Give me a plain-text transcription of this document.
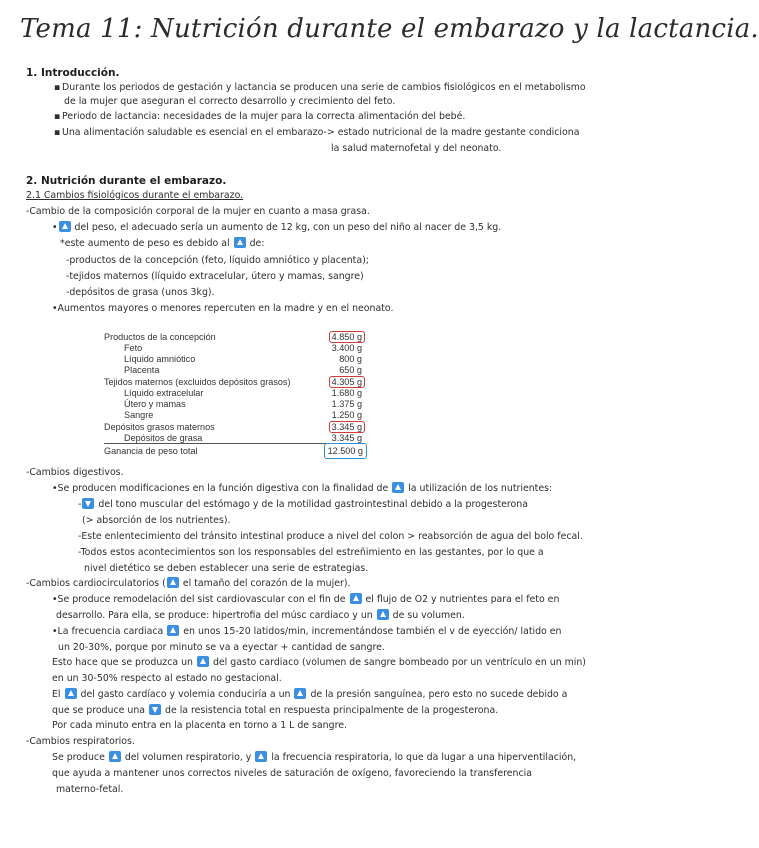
Tema 11: Nutrición durante el embarazo y la lactancia.
1. Introducción.
▪ Durante los periodos de gestación y lactancia se producen una serie de cambios fisiológicos en el metabolismo
de la mujer que aseguran el correcto desarrollo y crecimiento del feto.
▪ Periodo de lactancia: necesidades de la mujer para la correcta alimentación del bebé.
▪ Una alimentación saludable es esencial en el embarazo-> estado nutricional de la madre gestante condiciona
la salud maternofetal y del neonato.
2. Nutrición durante el embarazo.
2.1 Cambios fisiológicos durante el embarazo.
-Cambio de la composición corporal de la mujer en cuanto a masa grasa.
• del peso, el adecuado sería un aumento de 12 kg, con un peso del niño al nacer de 3,5 kg.
*este aumento de peso es debido al de:
-productos de la concepción (feto, líquido amniótico y placenta);
-tejidos maternos (líquido extracelular, útero y mamas, sangre)
-depósitos de grasa (unos 3kg).
•Aumentos mayores o menores repercuten en la madre y en el neonato.
Productos de la concepción	4.850 g
Feto	3.400 g
Líquido amniótico	800 g
Placenta	650 g
Tejidos maternos (excluidos depósitos grasos)	4.305 g
Líquido extracelular	1.680 g
Útero y mamas	1.375 g
Sangre	1.250 g
Depósitos grasos maternos	3.345 g
Depósitos de grasa	3.345 g
Ganancia de peso total	12.500 g
-Cambios digestivos.
•Se producen modificaciones en la función digestiva con la finalidad de la utilización de los nutrientes:
- del tono muscular del estómago y de la motilidad gastrointestinal debido a la progesterona
(> absorción de los nutrientes).
-Este enlentecimiento del tránsito intestinal produce a nivel del colon > reabsorción de agua del bolo fecal.
-Todos estos acontecimientos son los responsables del estreñimiento en las gestantes, por lo que a
nivel dietético se deben establecer una serie de estrategias.
-Cambios cardiocirculatorios ( el tamaño del corazón de la mujer).
•Se produce remodelación del sist cardiovascular con el fin de el flujo de O2 y nutrientes para el feto en
desarrollo. Para ella, se produce: hipertrofia del músc cardiaco y un de su volumen.
•La frecuencia cardiaca en unos 15-20 latidos/min, incrementándose también el v de eyección/ latido en
un 20-30%, porque por minuto se va a eyectar + cantidad de sangre.
Esto hace que se produzca un del gasto cardiaco (volumen de sangre bombeado por un ventrículo en un min)
en un 30-50% respecto al estado no gestacional.
El del gasto cardíaco y volemia conduciría a un de la presión sanguínea, pero esto no sucede debido a
que se produce una de la resistencia total en respuesta principalmente de la progesterona.
Por cada minuto entra en la placenta en torno a 1 L de sangre.
-Cambios respiratorios.
Se produce del volumen respiratorio, y la frecuencia respiratoria, lo que da lugar a una hiperventilación,
que ayuda a mantener unos correctos niveles de saturación de oxígeno, favoreciendo la transferencia
materno-fetal.
